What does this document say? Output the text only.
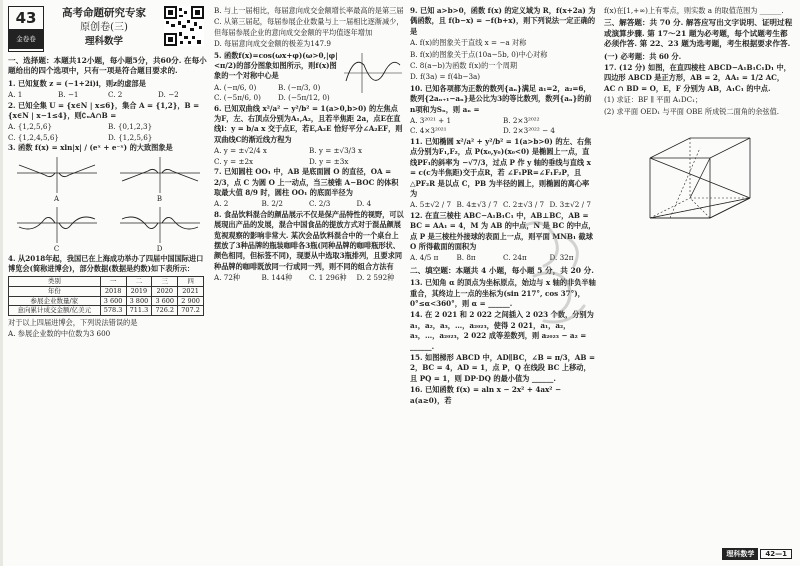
43
金卷卷
高考命题研究专家
原创卷(三)
理科数学

一、选择题：本题共12小题，每小题5分，共60分. 在每小题给出的四个选项中，只有一项是符合题目要求的.

1. 已知复数 z = (−1+2i)i，则z的虚部是

A. 1	B. −1	C. 2	D. −2

2. 已知全集 U = {x∈N | x≤6}，集合 A = {1,2}，B = {x∈N | x−1≤4}，则∁ᵤA∩B =

A. {1,2,5,6}	B. {0,1,2,3}
C. {1,2,4,5,6}	D. {1,2,5,6}

3. 函数 f(x) = xln|x| / (eˣ + e⁻ˣ) 的大致图象是

A	B
C	D

4. 从2018年起，我国已在上海成功举办了四届中国国际进口博览会(简称进博会)，部分数据(数据是约数)如下表所示：

类别	一	二	三	四
年份	2018	2019	2020	2021
参展企业数量/家	3 600	3 800	3 600	2 900
意向累计成交金额/亿美元	578.3	711.3	726.2	707.2

对于以上四届进博会，下列说法错误的是

A. 参展企业数的中位数为3 600

B. 与上一届相比，每届意向成交金额增长率最高的是第三届

C. 从第三届起，每届参展企业数量与上一届相比逐渐减少，但每届参展企业的意向成交金额的平均值逐年增加

D. 每届意向成交金额的极差为147.9

5. 函数f(x)=cos(ωx+φ)(ω>0,|φ|<π/2)的部分图象如图所示，则f(x)图象的一个对称中心是

A. (−π/6, 0)	B. (−π/3, 0)
C. (−5π/6, 0)	D. (−5π/12, 0)

6. 已知双曲线 x²/a² − y²/b² = 1(a>0,b>0) 的左焦点为F，左、右顶点分别为A₁,A₂，且若半焦距 2a，点E在直线l：y = b/a x 交于点E，若E,A₂E 恰好平分∠A₂EF，则双曲线C的渐近线方程为

A. y = ±√2/4 x	B. y = ±√3/3 x
C. y = ±2x	D. y = ±3x

7. 已知圆柱 OO₁ 中，AB 是底面圆 O 的直径，OA = 2/3，点 C 为圆 O 上一动点，当三棱锥 A−BOC 的体积取最大值 8/9 时，圆柱 OO₁ 的底面半径为

A. 2	B. 2/2	C. 2/3	D. 4

8. 食品饮料混合的颜品展示不仅是保产品特性的视野，可以展现出产品的发展，混合中国食品的提放方式对于混品颜展览视观察的影响非常大. 某次会品饮料混合中的一个桌台上摆放了3种品牌的瓶装咖啡各3瓶(同种品牌的咖啡瓶形状、颜色相同，但标签不同)，现要从中选取3瓶排列，且要求同种品牌的咖啡既放同一行或同一列，则不同的组合方法有

A. 72种	B. 144种	C. 1 296种	D. 2 592种

9. 已知 a>b>0，函数 f(x) 的定义域为 R，f(x+2a) 为偶函数，且 f(b−x) = −f(b+x)，则下列说法一定正确的是

A. f(x)的图象关于直线 x = −a 对称

B. f(x)的图象关于点(10a−5b, 0)中心对称

C. 8(a−b)为函数 f(x)的一个周期

D. f(3a) = f(4b−3a)

10. 已知各项都为正数的数列{aₙ}满足 a₁=2，a₂=6，数列{2aₙ₊₁−aₙ}是公比为3的等比数列，数列{aₙ}的前n项和为Sₙ，则 aₙ =

A. 3²⁰²¹ + 1	B. 2×3²⁰²²
C. 4×3²⁰²¹	D. 2×3²⁰²² − 4

11. 已知椭圆 x²/a² + y²/b² = 1(a>b>0) 的左、右焦点分别为F₁,F₂，点 P(x₀,y₀)(x₀<0) 是椭圆上一点，直线PF₁的斜率为 −√7/3，过点 P 作 y 轴的垂线与直线 x = c(c为半焦距)交于点R，若 ∠F₁PR=∠F₁F₂P，且 △PF₂R 是以点 C，PB 为半径的圆上，则椭圆的离心率为

A. 5±√2 / 7 B. 4±√3 / 7 C. 2±√3 / 7 D. 3±√2 / 7

12. 在直三棱柱 ABC−A₁B₁C₁ 中，AB⊥BC，AB = BC = AA₁ = 4，M 为 AB 的中点，N 是 BC 的中点，点 P 是三棱柱外接球的表面上一点，则平面 MNB₁ 截球 O 所得截面的面积为

A. 4/5 π	B. 8π	C. 24π	D. 32π

二、填空题：本题共 4 小题，每小题 5 分，共 20 分.

13. 已知角 α 的顶点为坐标原点，始边与 x 轴的非负半轴重合，其终边上一点的坐标为(sin 217°, cos 37°)，0°≤α<360°，则 α = ______.

14. 在 2 021 和 2 022 之间插入 2 023 个数，分别为 a₁，a₂，a₃，…，a₂₀₂₃，使得 2 021，a₁，a₂，a₃，…，a₂₀₂₃，2 022 成等差数列，则 a₂₀₂₃ − a₂ = ______.

15. 如图梯形 ABCD 中，AD∥BC，∠B = π/3，AB = 2，BC = 4，AD = 1，点 P，Q 在线段 BC 上移动，且 PQ = 1，则 DP·DQ 的最小值为 ______.

16. 已知函数 f(x) = aln x − 2x² + 4ax² − a(a≥0)，若

f(x)在[1,+∞)上有零点，则实数 a 的取值范围为 ______.

三、解答题：共 70 分. 解答应写出文字说明、证明过程或演算步骤. 第 17～21 题为必考题，每个试题考生都必须作答. 第 22、23 题为选考题，考生根据要求作答.

(一) 必考题：共 60 分.

17. (12 分) 如图，在直四棱柱 ABCD−A₁B₁C₁D₁ 中，四边形 ABCD 是正方形，AB = 2，AA₁ = 1/2 AC，AC ∩ BD = O，E，F 分别为 AB，A₁C₁ 的中点.

(1) 求证：BF ∥ 平面 A₁DC₁；

(2) 求平面 OED₁ 与平面 OBE 所成锐二面角的余弦值.

理科数学	42—1
